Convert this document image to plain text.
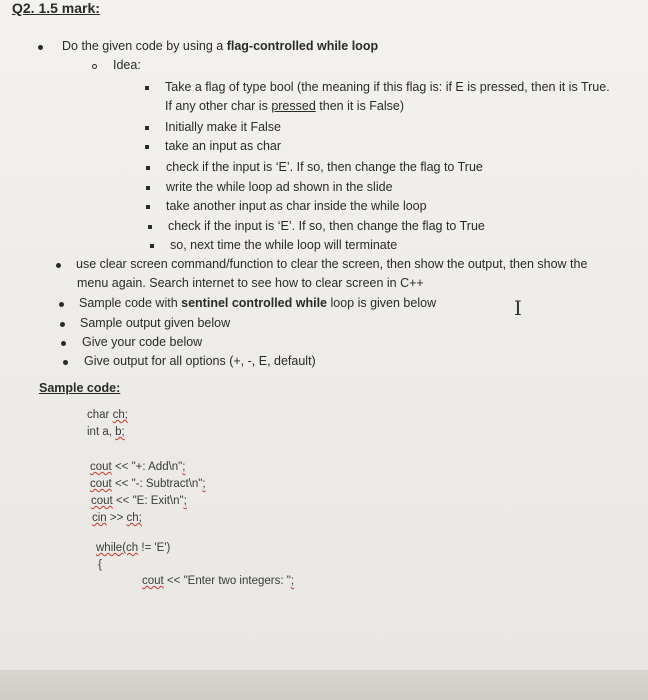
Q2. 1.5 mark:
Do the given code by using a flag-controlled while loop
Idea:
Take a flag of type bool (the meaning if this flag is: if E is pressed, then it is True.
If any other char is pressed then it is False)
Initially make it False
take an input as char
check if the input is ‘E’. If so, then change the flag to True
write the while loop ad shown in the slide
take another input as char inside the while loop
check if the input is ‘E’. If so, then change the flag to True
so, next time the while loop will terminate
use clear screen command/function to clear the screen, then show the output, then show the
menu again. Search internet to see how to clear screen in C++
Sample code with sentinel controlled while loop is given below	I
Sample output given below
Give your code below
Give output for all options (+, -, E, default)
Sample code:
char ch;
int a, b;
cout << "+: Add\n";
cout << "-: Subtract\n";
cout << "E: Exit\n";
cin >> ch;
while(ch != 'E')
{
cout << "Enter two integers: ";
